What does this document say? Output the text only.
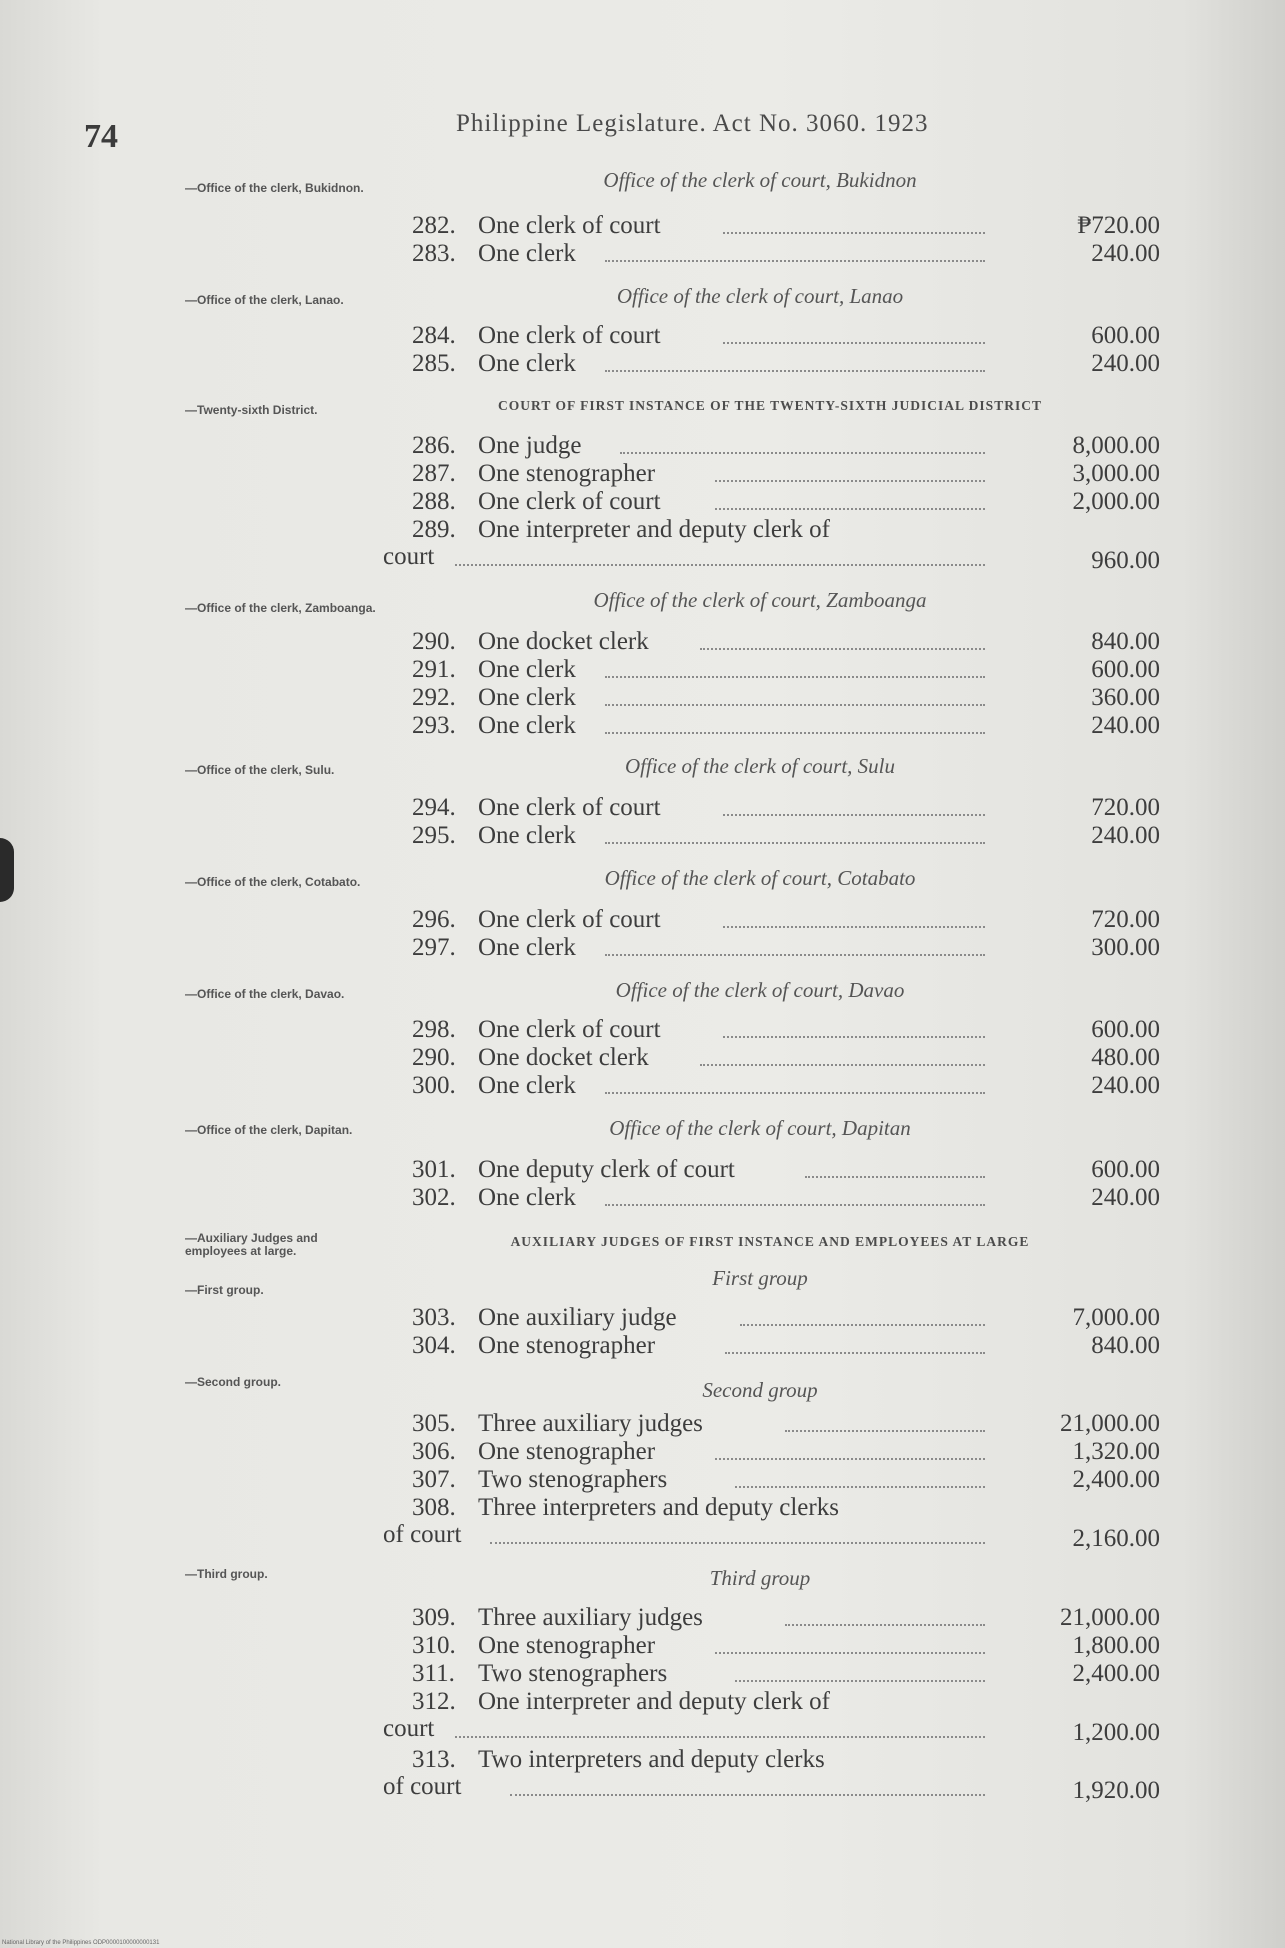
74	Philippine Legislature. Act No. 3060. 1923
—Office of the clerk, Bukidnon.	Office of the clerk of court, Bukidnon
282. One clerk of court	₱720.00
283. One clerk	240.00
—Office of the clerk, Lanao.	Office of the clerk of court, Lanao
284. One clerk of court	600.00
285. One clerk	240.00
—Twenty-sixth District.	COURT OF FIRST INSTANCE OF THE TWENTY-SIXTH JUDICIAL DISTRICT
286. One judge	8,000.00
287. One stenographer	3,000.00
288. One clerk of court	2,000.00
289. One interpreter and deputy clerk of
court	960.00
—Office of the clerk, Zamboanga.	Office of the clerk of court, Zamboanga
290. One docket clerk	840.00
291. One clerk	600.00
292. One clerk	360.00
293. One clerk	240.00
—Office of the clerk, Sulu.	Office of the clerk of court, Sulu
294. One clerk of court	720.00
295. One clerk	240.00
—Office of the clerk, Cotabato.	Office of the clerk of court, Cotabato
296. One clerk of court	720.00
297. One clerk	300.00
—Office of the clerk, Davao.	Office of the clerk of court, Davao
298. One clerk of court	600.00
290. One docket clerk	480.00
300. One clerk	240.00
—Office of the clerk, Dapitan.	Office of the clerk of court, Dapitan
301. One deputy clerk of court	600.00
302. One clerk	240.00
—Auxiliary Judges and employees at large.
—First group.
AUXILIARY JUDGES OF FIRST INSTANCE AND EMPLOYEES AT LARGE
First group
303. One auxiliary judge	7,000.00
304. One stenographer	840.00
—Second group.	Second group
305. Three auxiliary judges	21,000.00
306. One stenographer	1,320.00
307. Two stenographers	2,400.00
308. Three interpreters and deputy clerks
of court	2,160.00
—Third group.	Third group
309. Three auxiliary judges	21,000.00
310. One stenographer	1,800.00
311. Two stenographers	2,400.00
312. One interpreter and deputy clerk of
court	1,200.00
313. Two interpreters and deputy clerks
of court	1,920.00
National Library of the Philippines ODP0000100000000131
